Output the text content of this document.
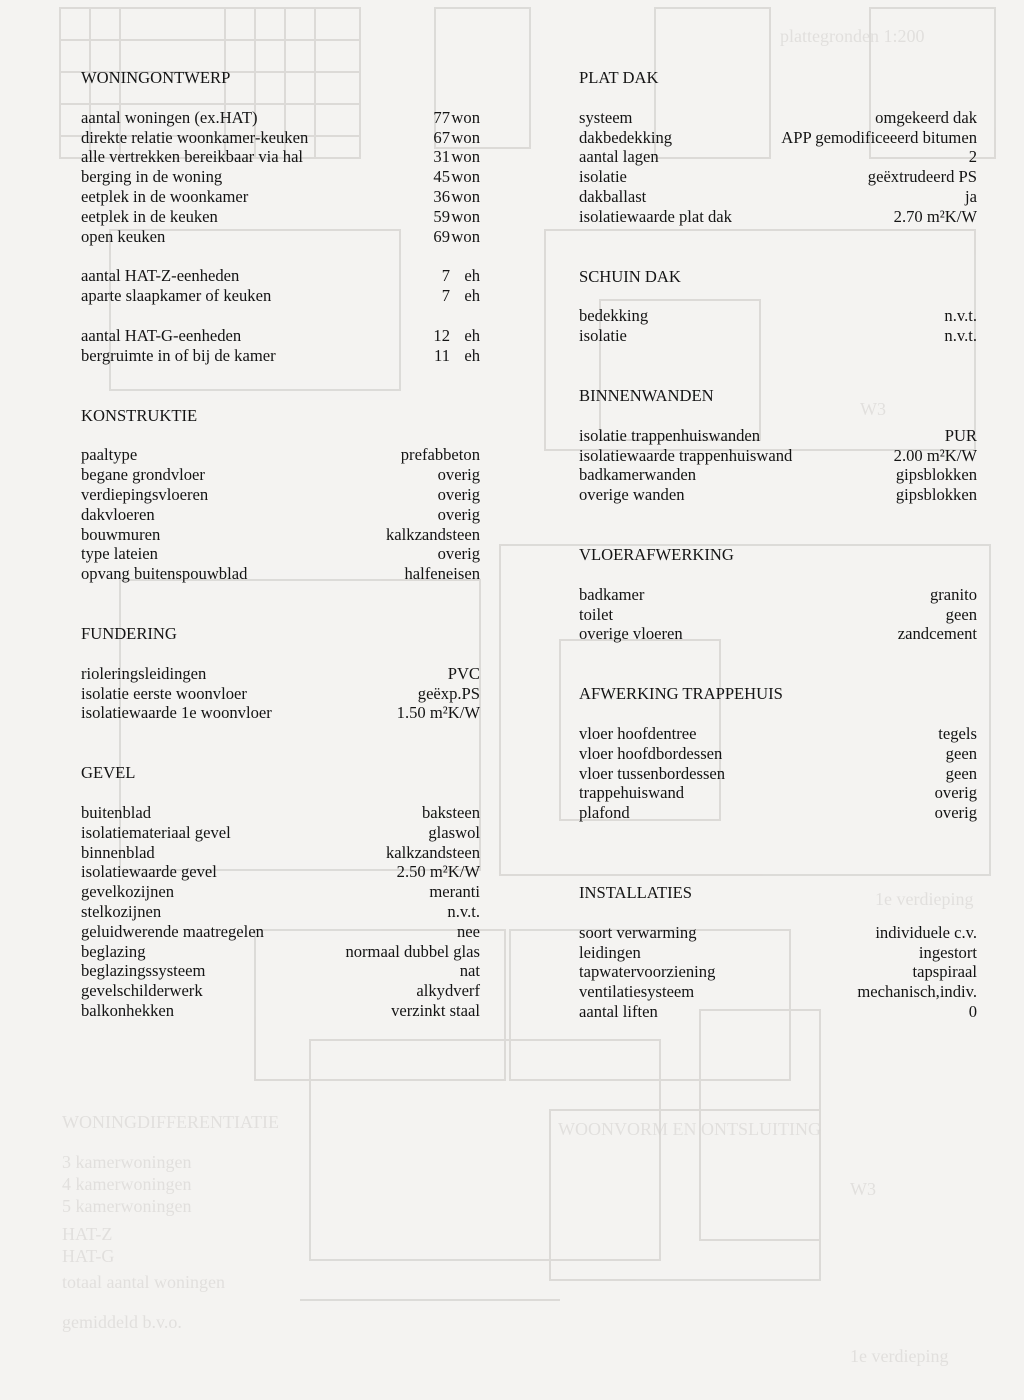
plattegronden 1:200
WONINGDIFFERENTIATIE	WOONVORM EN ONTSLUITING
3 kamerwoningen
4 kamerwoningen
5 kamerwoningen
HAT-Z
HAT-G
totaal aantal woningen
gemiddeld b.v.o.
W3
W3
1e verdieping
1e verdieping
WONINGONTWERP
aantal woningen (ex.HAT)	77 won
direkte relatie woonkamer-keuken	67 won
alle vertrekken bereikbaar via hal	31 won
berging in de woning	45 won
eetplek in de woonkamer	36 won
eetplek in de keuken	59 won
open keuken	69 won
aantal HAT-Z-eenheden	7 eh
aparte slaapkamer of keuken	7 eh
aantal HAT-G-eenheden	12 eh
bergruimte in of bij de kamer	11 eh
KONSTRUKTIE
paaltype	prefabbeton
begane grondvloer	overig
verdiepingsvloeren	overig
dakvloeren	overig
bouwmuren	kalkzandsteen
type lateien	overig
opvang buitenspouwblad	halfeneisen
FUNDERING
rioleringsleidingen	PVC
isolatie eerste woonvloer	geëxp.PS
isolatiewaarde 1e woonvloer	1.50 m²K/W
GEVEL
buitenblad	baksteen
isolatiemateriaal gevel	glaswol
binnenblad	kalkzandsteen
isolatiewaarde gevel	2.50 m²K/W
gevelkozijnen	meranti
stelkozijnen	n.v.t.
geluidwerende maatregelen	nee
beglazing	normaal dubbel glas
beglazingssysteem	nat
gevelschilderwerk	alkydverf
balkonhekken	verzinkt staal
PLAT DAK
systeem	omgekeerd dak
dakbedekking	APP gemodificeeerd bitumen
aantal lagen	2
isolatie	geëxtrudeerd PS
dakballast	ja
isolatiewaarde plat dak	2.70 m²K/W
SCHUIN DAK
bedekking	n.v.t.
isolatie	n.v.t.
BINNENWANDEN
isolatie trappenhuiswanden	PUR
isolatiewaarde trappenhuiswand	2.00 m²K/W
badkamerwanden	gipsblokken
overige wanden	gipsblokken
VLOERAFWERKING
badkamer	granito
toilet	geen
overige vloeren	zandcement
AFWERKING TRAPPEHUIS
vloer hoofdentree	tegels
vloer hoofdbordessen	geen
vloer tussenbordessen	geen
trappehuiswand	overig
plafond	overig
INSTALLATIES
soort verwarming	individuele c.v.
leidingen	ingestort
tapwatervoorziening	tapspiraal
ventilatiesysteem	mechanisch,indiv.
aantal liften	0
